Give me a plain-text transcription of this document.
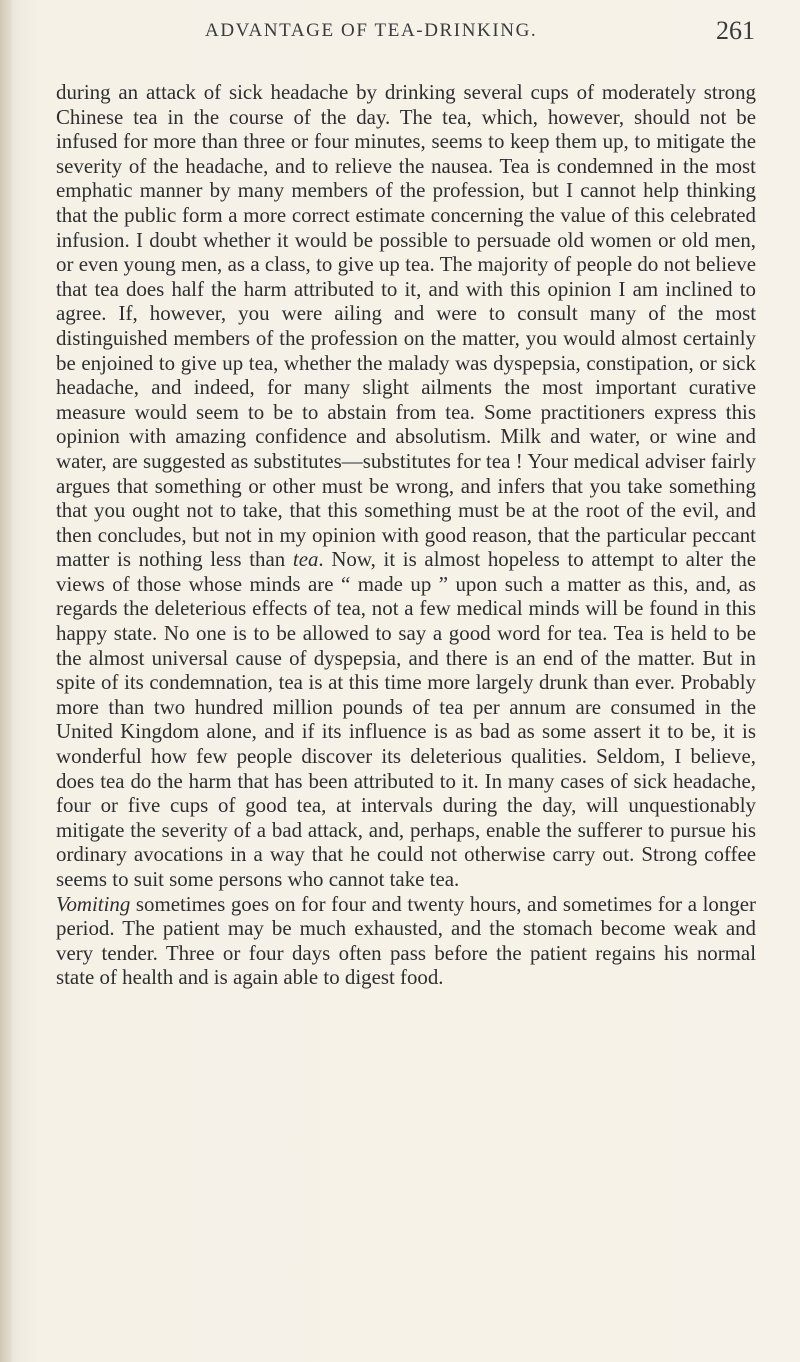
ADVANTAGE OF TEA-DRINKING.	261

during an attack of sick headache by drinking several cups of moderately strong Chinese tea in the course of the day. The tea, which, however, should not be infused for more than three or four minutes, seems to keep them up, to mitigate the severity of the headache, and to relieve the nausea. Tea is condemned in the most emphatic manner by many members of the profession, but I cannot help thinking that the public form a more correct estimate concerning the value of this celebrated infusion. I doubt whether it would be possible to persuade old women or old men, or even young men, as a class, to give up tea. The majority of people do not believe that tea does half the harm attributed to it, and with this opinion I am inclined to agree. If, however, you were ailing and were to consult many of the most distinguished members of the profession on the matter, you would almost certainly be enjoined to give up tea, whether the malady was dyspepsia, constipation, or sick headache, and indeed, for many slight ailments the most important curative measure would seem to be to abstain from tea. Some practitioners express this opinion with amazing confidence and absolutism. Milk and water, or wine and water, are suggested as substitutes—substitutes for tea ! Your medical adviser fairly argues that something or other must be wrong, and infers that you take something that you ought not to take, that this something must be at the root of the evil, and then concludes, but not in my opinion with good reason, that the particular peccant matter is nothing less than tea. Now, it is almost hopeless to attempt to alter the views of those whose minds are “ made up ” upon such a matter as this, and, as regards the deleterious effects of tea, not a few medical minds will be found in this happy state. No one is to be allowed to say a good word for tea. Tea is held to be the almost universal cause of dyspepsia, and there is an end of the matter. But in spite of its condemnation, tea is at this time more largely drunk than ever. Probably more than two hundred million pounds of tea per annum are consumed in the United Kingdom alone, and if its influence is as bad as some assert it to be, it is wonderful how few people discover its deleterious qualities. Seldom, I believe, does tea do the harm that has been attributed to it. In many cases of sick headache, four or five cups of good tea, at intervals during the day, will unquestionably mitigate the severity of a bad attack, and, perhaps, enable the sufferer to pursue his ordinary avocations in a way that he could not otherwise carry out. Strong coffee seems to suit some persons who cannot take tea.

Vomiting sometimes goes on for four and twenty hours, and sometimes for a longer period. The patient may be much exhausted, and the stomach become weak and very tender. Three or four days often pass before the patient regains his normal state of health and is again able to digest food.
